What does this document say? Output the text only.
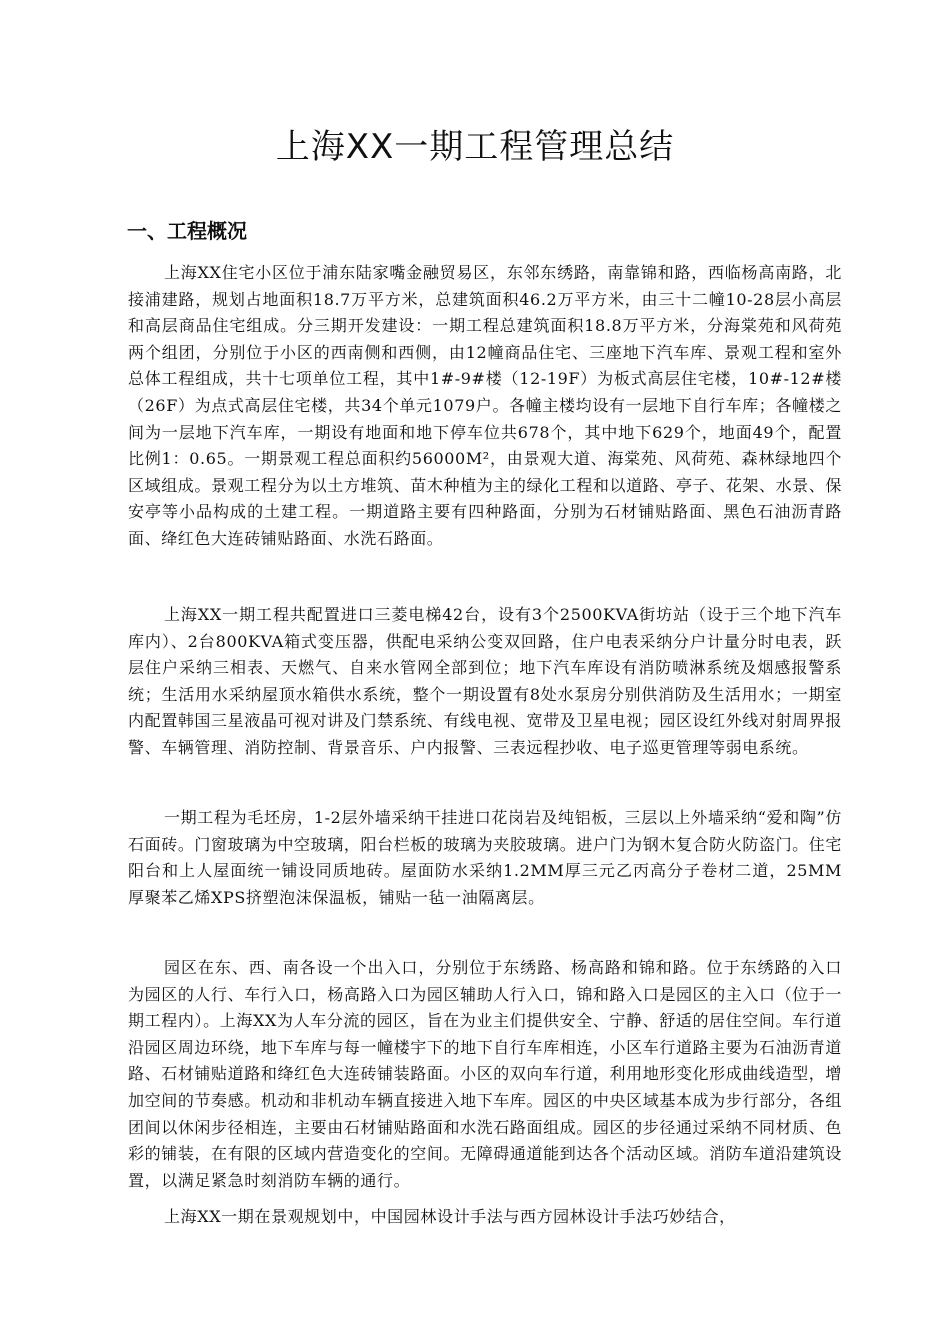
上海XX一期工程管理总结
一、工程概况

上海XX住宅小区位于浦东陆家嘴金融贸易区，东邻东绣路，南靠锦和路，西临杨高南路，北接浦建路，规划占地面积18.7万平方米，总建筑面积46.2万平方米，由三十二幢10-28层小高层和高层商品住宅组成。分三期开发建设：一期工程总建筑面积18.8万平方米，分海棠苑和风荷苑两个组团，分别位于小区的西南侧和西侧，由12幢商品住宅、三座地下汽车库、景观工程和室外总体工程组成，共十七项单位工程，其中1#-9#楼（12-19F）为板式高层住宅楼，10#-12#楼（26F）为点式高层住宅楼，共34个单元1079户。各幢主楼均设有一层地下自行车库；各幢楼之间为一层地下汽车库，一期设有地面和地下停车位共678个，其中地下629个，地面49个，配置比例1：0.65。一期景观工程总面积约56000M²，由景观大道、海棠苑、风荷苑、森林绿地四个区域组成。景观工程分为以土方堆筑、苗木种植为主的绿化工程和以道路、亭子、花架、水景、保安亭等小品构成的土建工程。一期道路主要有四种路面，分别为石材铺贴路面、黑色石油沥青路面、绛红色大连砖铺贴路面、水洗石路面。

上海XX一期工程共配置进口三菱电梯42台，设有3个2500KVA街坊站（设于三个地下汽车库内）、2台800KVA箱式变压器，供配电采纳公变双回路，住户电表采纳分户计量分时电表，跃层住户采纳三相表、天燃气、自来水管网全部到位；地下汽车库设有消防喷淋系统及烟感报警系统；生活用水采纳屋顶水箱供水系统，整个一期设置有8处水泵房分别供消防及生活用水；一期室内配置韩国三星液晶可视对讲及门禁系统、有线电视、宽带及卫星电视；园区设红外线对射周界报警、车辆管理、消防控制、背景音乐、户内报警、三表远程抄收、电子巡更管理等弱电系统。

一期工程为毛坯房，1-2层外墙采纳干挂进口花岗岩及纯铝板，三层以上外墙采纳“爱和陶”仿石面砖。门窗玻璃为中空玻璃，阳台栏板的玻璃为夹胶玻璃。进户门为钢木复合防火防盗门。住宅阳台和上人屋面统一铺设同质地砖。屋面防水采纳1.2MM厚三元乙丙高分子卷材二道，25MM厚聚苯乙烯XPS挤塑泡沫保温板，铺贴一毡一油隔离层。

园区在东、西、南各设一个出入口，分别位于东绣路、杨高路和锦和路。位于东绣路的入口为园区的人行、车行入口，杨高路入口为园区辅助人行入口，锦和路入口是园区的主入口（位于一期工程内）。上海XX为人车分流的园区，旨在为业主们提供安全、宁静、舒适的居住空间。车行道沿园区周边环绕，地下车库与每一幢楼宇下的地下自行车库相连，小区车行道路主要为石油沥青道路、石材铺贴道路和绛红色大连砖铺装路面。小区的双向车行道，利用地形变化形成曲线造型，增加空间的节奏感。机动和非机动车辆直接进入地下车库。园区的中央区域基本成为步行部分，各组团间以休闲步径相连，主要由石材铺贴路面和水洗石路面组成。园区的步径通过采纳不同材质、色彩的铺装，在有限的区域内营造变化的空间。无障碍通道能到达各个活动区域。消防车道沿建筑设置，以满足紧急时刻消防车辆的通行。

上海XX一期在景观规划中，中国园林设计手法与西方园林设计手法巧妙结合，
